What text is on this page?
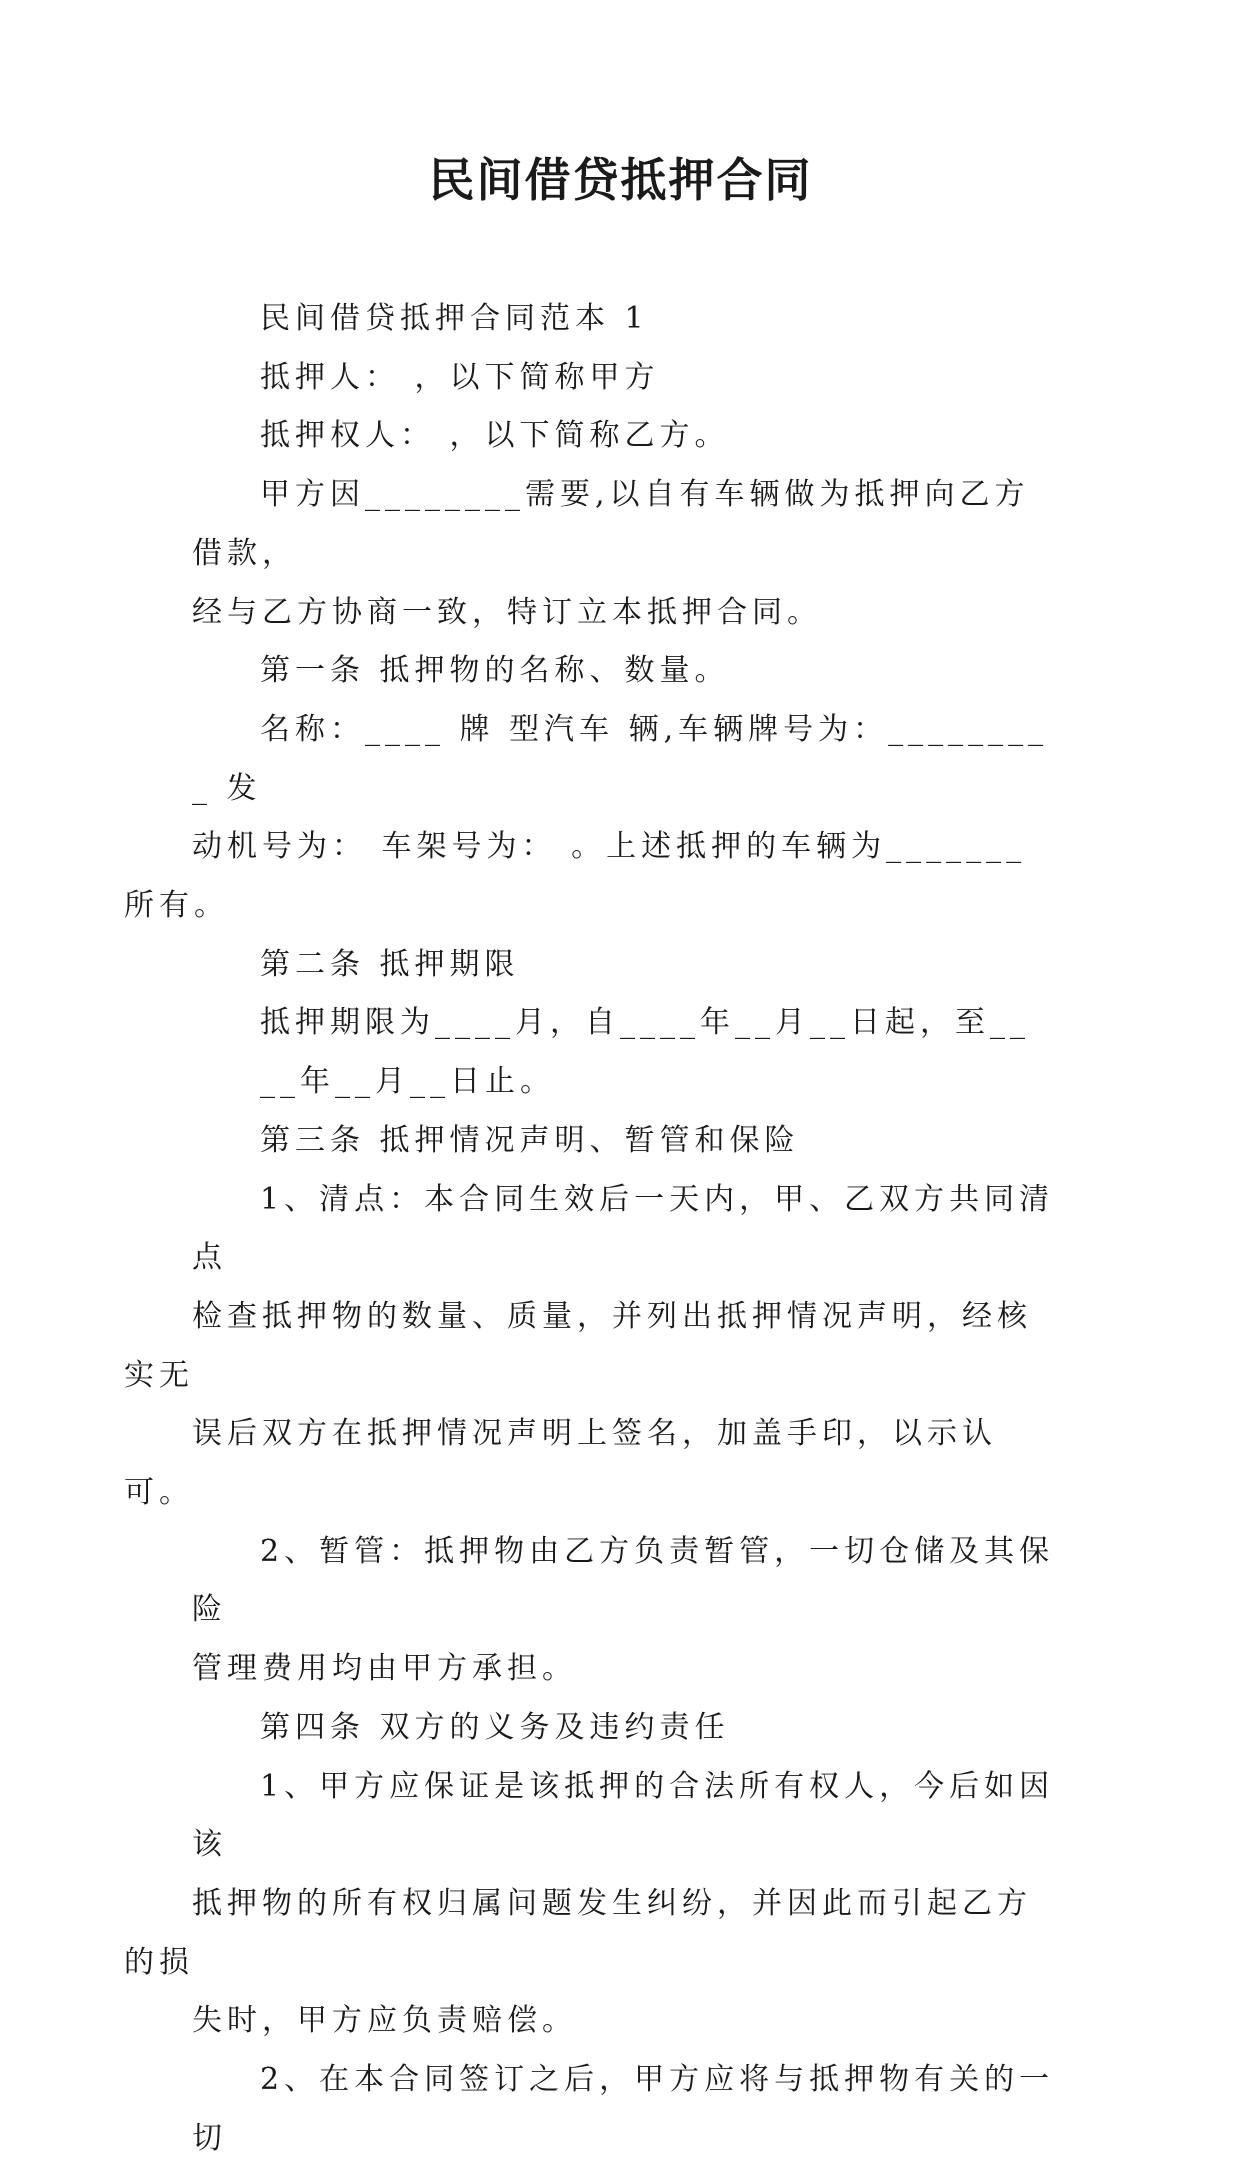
民间借贷抵押合同

民间借贷抵押合同范本 1

抵押人： ，以下简称甲方

抵押权人： ，以下简称乙方。

甲方因________需要,以自有车辆做为抵押向乙方借款，
经与乙方协商一致，特订立本抵押合同。

第一条 抵押物的名称、数量。

名称：____ 牌 型汽车 辆,车辆牌号为：_________ 发
动机号为： 车架号为： 。上述抵押的车辆为_______所有。

第二条 抵押期限

抵押期限为____月，自____年__月__日起，至__
__年__月__日止。

第三条 抵押情况声明、暂管和保险

1、清点：本合同生效后一天内，甲、乙双方共同清点
检查抵押物的数量、质量，并列出抵押情况声明，经核实无
误后双方在抵押情况声明上签名，加盖手印，以示认可。

2、暂管：抵押物由乙方负责暂管，一切仓储及其保险
管理费用均由甲方承担。

第四条 双方的义务及违约责任

1、甲方应保证是该抵押的合法所有权人，今后如因该
抵押物的所有权归属问题发生纠纷，并因此而引起乙方的损
失时，甲方应负责赔偿。

2、在本合同签订之后，甲方应将与抵押物有关的一切
